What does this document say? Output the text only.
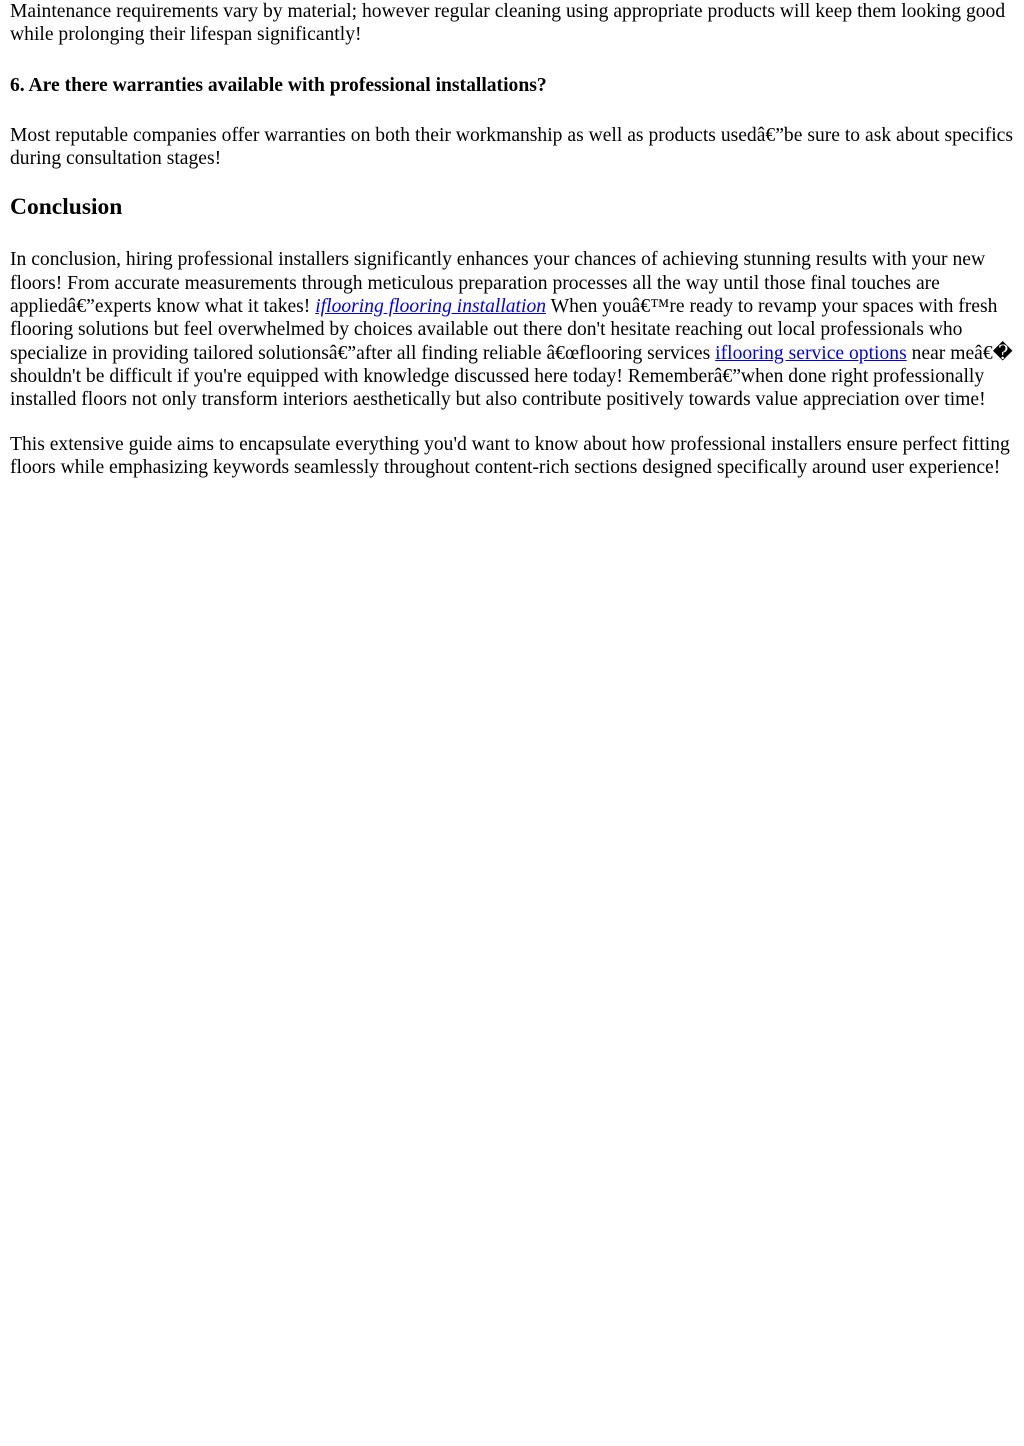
Maintenance requirements vary by material; however regular cleaning using appropriate products will keep them looking good while prolonging their lifespan significantly!

6. Are there warranties available with professional installations?

Most reputable companies offer warranties on both their workmanship as well as products usedâ€”be sure to ask about specifics during consultation stages!

Conclusion

In conclusion, hiring professional installers significantly enhances your chances of achieving stunning results with your new floors! From accurate measurements through meticulous preparation processes all the way until those final touches are appliedâ€”experts know what it takes! iflooring flooring installation When youâ€™re ready to revamp your spaces with fresh flooring solutions but feel overwhelmed by choices available out there don't hesitate reaching out local professionals who specialize in providing tailored solutionsâ€”after all finding reliable â€œflooring services iflooring service options near meâ€� shouldn't be difficult if you're equipped with knowledge discussed here today! Rememberâ€”when done right professionally installed floors not only transform interiors aesthetically but also contribute positively towards value appreciation over time!

This extensive guide aims to encapsulate everything you'd want to know about how professional installers ensure perfect fitting floors while emphasizing keywords seamlessly throughout content-rich sections designed specifically around user experience!
